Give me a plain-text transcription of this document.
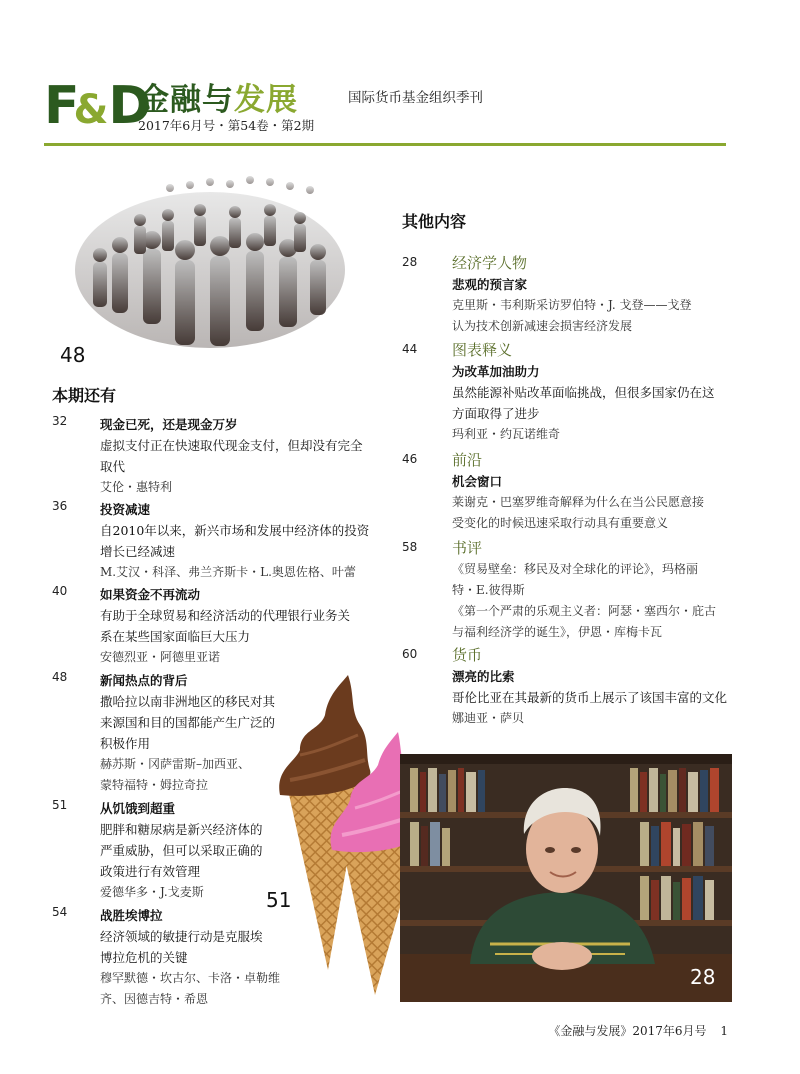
F&D
金融与发展	国际货币基金组织季刊
2017年6月号・第54卷・第2期
48
本期还有
32	现金已死，还是现金万岁
虚拟支付正在快速取代现金支付，但却没有完全
取代
艾伦・惠特利
36	投资减速
自2010年以来，新兴市场和发展中经济体的投资
增长已经减速
M.艾汉・科泽、弗兰齐斯卡・L.奥恩佐格、叶蕾
40	如果资金不再流动
有助于全球贸易和经济活动的代理银行业务关
系在某些国家面临巨大压力
安德烈亚・阿德里亚诺
48	新闻热点的背后
撒哈拉以南非洲地区的移民对其
来源国和目的国都能产生广泛的
积极作用
赫苏斯・冈萨雷斯–加西亚、
蒙特福特・姆拉奇拉
51	从饥饿到超重
肥胖和糖尿病是新兴经济体的
严重威胁，但可以采取正确的
政策进行有效管理
爱德华多・J.戈麦斯
54	战胜埃博拉
经济领域的敏捷行动是克服埃
博拉危机的关键
穆罕默德・坎古尔、卡洛・卓勒维
齐、因德吉特・希恩
51
其他内容
28 经济学人物
悲观的预言家
克里斯・韦利斯采访罗伯特・J. 戈登——戈登
认为技术创新减速会损害经济发展
44 图表释义
为改革加油助力
虽然能源补贴改革面临挑战，但很多国家仍在这
方面取得了进步
玛利亚・约瓦诺维奇
46 前沿
机会窗口
莱谢克・巴塞罗维奇解释为什么在当公民愿意接
受变化的时候迅速采取行动具有重要意义
58 书评
《贸易壁垒：移民及对全球化的评论》，玛格丽
特・E.彼得斯
《第一个严肃的乐观主义者：阿瑟・塞西尔・庇古
与福利经济学的诞生》，伊恩・库梅卡瓦
60 货币
漂亮的比索
哥伦比亚在其最新的货币上展示了该国丰富的文化
娜迪亚・萨贝
28
《金融与发展》2017年6月号 1
